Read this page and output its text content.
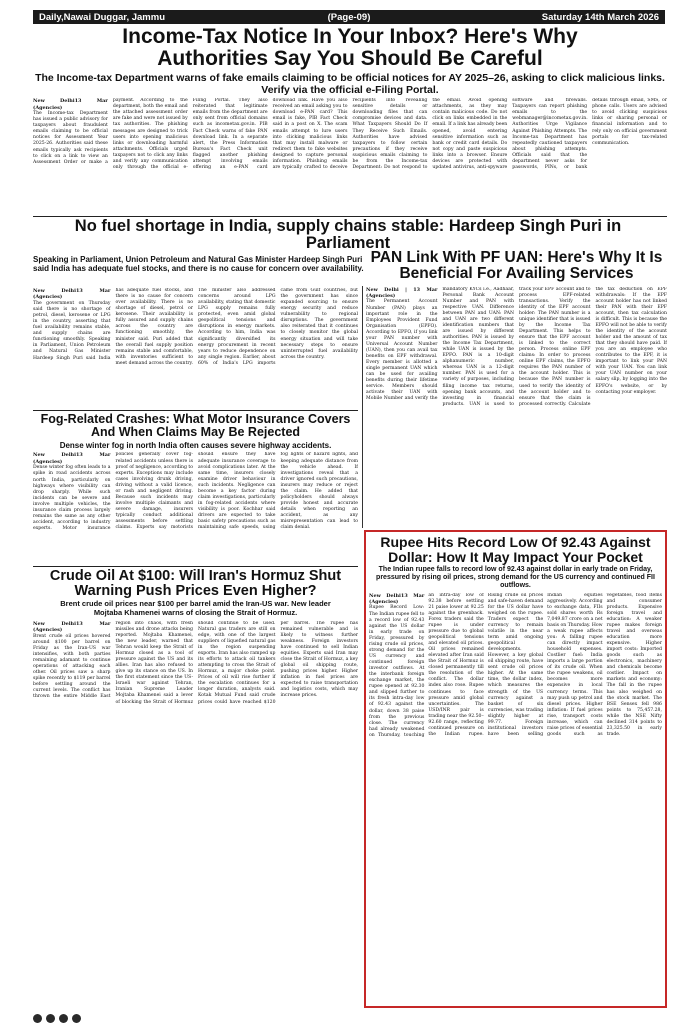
Daily,Nawai Duggar, Jammu	(Page-09)	Saturday 14th March 2026
Income-Tax Notice In Your Inbox? Here's Why
Authorities Say You Should Be Careful

The Income-tax Department warns of fake emails claiming to be official notices for AY 2025–26, asking to click malicious links. Verify via the official e-Filing Portal.

New Delhi13 Mar (Agencies)
The Income-tax Department has issued a public advisory for taxpayers about fraudulent emails claiming to be official notices for Assessment Year 2025-26. Authorities said these emails typically ask recipients to click on a link to view an Assessment Order or make a payment. According to the department, both the email and the attached assessment order are fake and were not issued by tax authorities. The phishing messages are designed to trick users into opening malicious links or downloading harmful attachments. Officials urged taxpayers not to click any links and verify any communication only through the official e-Filing Portal. They also reiterated that legitimate emails from the department are only sent from official domains such as incometax.gov.in. PIB Fact Check warns of fake PAN download link. In a separate alert, the Press Information Bureau's Fact Check unit flagged another phishing attempt involving emails offering an e-PAN card download link. Have you also received an email asking you to download e-PAN card? This email is fake, PIB Fact Check said in a post on X. The scam emails attempt to lure users into clicking malicious links that may install malware or redirect them to fake websites designed to capture personal information. Phishing emails are typically crafted to deceive recipients into revealing sensitive details or downloading files that can compromise devices and data. What Taxpayers Should Do If They Receive Such Emails. Authorities have advised taxpayers to follow certain precautions if they receive suspicious emails claiming to be from the Income-tax Department: Do not respond to the email. Avoid opening attachments, as they may contain malicious code. Do not click on links embedded in the email. If a link has already been opened, avoid entering sensitive information such as bank or credit card details. Do not copy and paste suspicious links into a browser. Ensure devices are protected with updated antivirus, anti-spyware software and firewalls. Taxpayers can report phishing emails to the webmanager@incometax.gov.in. Authorities Urge Vigilance Against Phishing Attempts. The Income-tax Department has repeatedly cautioned taxpayers about phishing attempts. Officials said that the department never asks for passwords, PINs, or bank details through email, SMS, or phone calls. Users are advised to avoid clicking suspicious links or sharing personal or financial information and to rely only on official government portals for tax-related communication.
No fuel shortage in India, supply chains stable: Hardeep Singh Puri in Parliament

Speaking in Parliament, Union Petroleum and Natural Gas Minister Hardeep Singh Puri said India has adequate fuel stocks, and there is no cause for concern over availability.

New Delhi13 Mar (Agencies)
The government on Thursday said there is no shortage of petrol, diesel, kerosene or LPG in the country, asserting that fuel availability remains stable, and supply chains are functioning smoothly. Speaking in Parliament, Union Petroleum and Natural Gas Minister Hardeep Singh Puri said India has adequate fuel stocks, and there is no cause for concern over availability. There is no shortage of diesel, petrol or kerosene. Their availability is fully assured and supply chains across the country are functioning smoothly, the minister said. Puri added that the overall fuel supply position remains stable and comfortable, with inventories sufficient to meet demand across the country. The minister also addressed concerns around LPG availability, stating that domestic LPG supply remains fully protected, even amid global geopolitical tensions and disruptions in energy markets. According to him, India was significantly diversified its energy procurement in recent years to reduce dependence on any single region. Earlier, about 60% of India's LPG imports came from Gulf countries, but the government has since expanded sourcing to ensure energy security and reduce vulnerability to regional disruptions. The government also reiterated that it continues to closely monitor the global energy situation and will take necessary steps to ensure uninterrupted fuel availability across the country.
PAN Link With PF UAN: Here's Why It Is Beneficial For Availing Services
New Delhi | 13 Mar (Agencies)
The Permanent Account Number (PAN) plays an important role in the Employees Provident Fund Organisation (EPFO). According to EPFO, if you link your PAN number with Universal Account Number (UAN), then you can avail tax benefits on EPF withdrawal. Every member is allotted a single permanent UAN which can be used for availing benefits during their lifetime service. Members should activate their UAN with Mobile Number and verify the mandatory KYCs i.e., Aadhaar, Personal Bank Account Number and PAN with respective UAN. Difference between PAN and UAN: PAN and UAN are two different identification numbers that are issued by different authorities. PAN is issued by the Income Tax Department, while UAN is issued by the EPFO. PAN is a 10-digit alphanumeric number, whereas UAN is a 12-digit number. PAN is used for a variety of purposes, including filing income tax returns, opening bank accounts, and investing in financial products. UAN is used to track your EPF account and to process EPF-related transactions. Verify the identity of the EPF account holder: The PAN number is a unique identifier that is issued by the Income Tax Department. This helps to ensure that the EPF account is linked to the correct person. Process online EPF claims: In order to process online EPF claims, the EPFO requires the PAN number of the account holder. This is because the PAN number is used to verify the identity of the account holder and to ensure that the claim is processed correctly. Calculate the tax deduction on EPF withdrawals: If the EPF account holder has not linked their PAN with their EPF account, then tax calculation is difficult. This is because the EPFO will not be able to verify the identity of the account holder and the amount of tax that they should have paid. If you are an employee who contributes to the EPF, it is important to link your PAN with your UAN. You can link your UAN number on your salary slip, by logging into the EPFO's website, or by contacting your employer.
Fog-Related Crashes: What Motor Insurance Covers And When Claims May Be Rejected

Dense winter fog in north India often causes severe highway accidents.

New Delhi13 Mar (Agencies)
Dense winter fog often leads to a spike in road accidents across north India, particularly on highways where visibility can drop sharply. While such incidents can be severe and involve multiple vehicles, the insurance claim process largely remains the same as any other accident, according to industry experts. Motor insurance policies generally cover fog-related accidents unless there is proof of negligence, according to experts. Exceptions may include cases involving drunk driving, driving without a valid licence, or rash and negligent driving. Because such incidents may involve multiple claimants and severe damage, insurers typically conduct additional assessments before settling claims. Experts say motorists should ensure they have adequate insurance coverage to avoid complications later. At the same time, insurers closely examine driver behaviour in such incidents. Negligence can become a key factor during claim investigations, particularly in fog-related accidents where visibility is poor. Kochhar said drivers are expected to take basic safety precautions such as maintaining safe speeds, using fog lights or hazard lights, and keeping adequate distance from the vehicle ahead. If investigations reveal that a driver ignored such precautions, insurers may reduce or reject the claim. He added that policyholders should always provide honest and accurate details when reporting an accident, as any misrepresentation can lead to claim denial.
Rupee Hits Record Low Of 92.43 Against Dollar: How It May Impact Your Pocket

The Indian rupee falls to record low of 92.43 against dollar in early trade on Friday, pressured by rising oil prices, strong demand for the US currency and continued FII outflows.

New Delhi13 Mar (Agencies)
Rupee Record Low: The Indian rupee fell to a record low of 92.43 against the US dollar in early trade on Friday, pressured by rising crude oil prices, strong demand for the US currency and continued foreign investor outflows. At the interbank foreign exchange market, the rupee opened at 92.30 and slipped further to its fresh intra-day low of 92.43 against the dollar, down 38 paise from the previous close. The currency had already weakened on Thursday, touching an intra-day low of 92.38 before settling 21 paise lower at 92.25 against the greenback. Forex traders said the rupee is under pressure due to global geopolitical tensions and elevated oil prices. Oil prices remained elevated after Iran said the Strait of Hormuz is closed permanently till the resolution of the conflict. The dollar index also rose. Rupee continues to face pressure amid global uncertainties. The USD/INR pair is trading near the 92.50–92.60 range, reflecting continued pressure on the Indian rupee. Rising crude oil prices and safe-haven demand for the US dollar have weighed on the rupee. Traders expect the currency to remain volatile in the near term amid ongoing geopolitical developments. However, a key global oil shipping route, have sent crude oil prices higher. At the same time, the dollar index, which measures the strength of the US currency against a basket of six currencies, was trading slightly higher at 99.77. Foreign institutional investors have been selling Indian equities aggressively. According to exchange data, FIIs sold shares worth Rs 7,049.87 crore on a net basis on Thursday. How a weak rupee affects you: A falling rupee can directly impact household expenses. Costlier fuel: India imports a large portion of its crude oil. When the rupee weakens, oil becomes more expensive in local currency terms. This may push up petrol and diesel prices. Higher inflation: If fuel prices rise, transport costs increase, which can raise prices of essential goods such as vegetables, food items and consumer products. Expensive foreign travel and education: A weaker rupee makes foreign travel and overseas education more expensive. Higher import costs: Imported goods such as electronics, machinery and chemicals become costlier. Impact on markets and economy: The fall in the rupee has also weighed on the stock market. The BSE Sensex fell 986 points to 75,457.28, while the NSE Nifty declined 314 points to 23,325.50 in early trade.
Crude Oil At $100: Will Iran's Hormuz Shut Warning Push Prices Even Higher?

Brent crude oil prices near $100 per barrel amid the Iran-US war. New leader

Mojtaba Khamenei warns of closing the Strait of Hormuz.

New Delhi13 Mar (Agencies)
Brent crude oil prices hovered around $100 per barrel on Friday as the Iran-US war intensifies, with both parties remaining adamant to continue operations of attacking each other. Oil prices saw a sharp spike recently to $119 per barrel before settling around the current levels. The conflict has thrown the entire Middle East region into chaos, with fresh missiles and drone attacks being reported. Mojtaba Khamenei, the new leader, warned that Tehran would keep the Strait of Hormuz closed as a tool of pressure against the US and its allies. Iran has also refused to give up its stance on the US. In the first statement since the US-Israeli war against Tehran, Iranian Supreme Leader Mojtaba Khamenei said a lever of blocking the Strait of Hormuz should continue to be used. Natural gas traders are still on edge, with one of the largest suppliers of liquefied natural gas in the region suspending exports. Iran has also ramped up its efforts to attack oil tankers attempting to cross the Strait of Hormuz, a major choke point. Prices of oil will rise further if the escalation continues for a longer duration, analysts said. Kotak Mutual Fund said crude prices could have reached $120 per barrel. The rupee has remained vulnerable and is likely to witness further weakness. Foreign investors have continued to sell Indian equities. Experts said Iran may close the Strait of Hormuz, a key global oil shipping route, pushing prices higher. Higher inflation in fuel prices are expected to raise transportation and logistics costs, which may increase prices.
